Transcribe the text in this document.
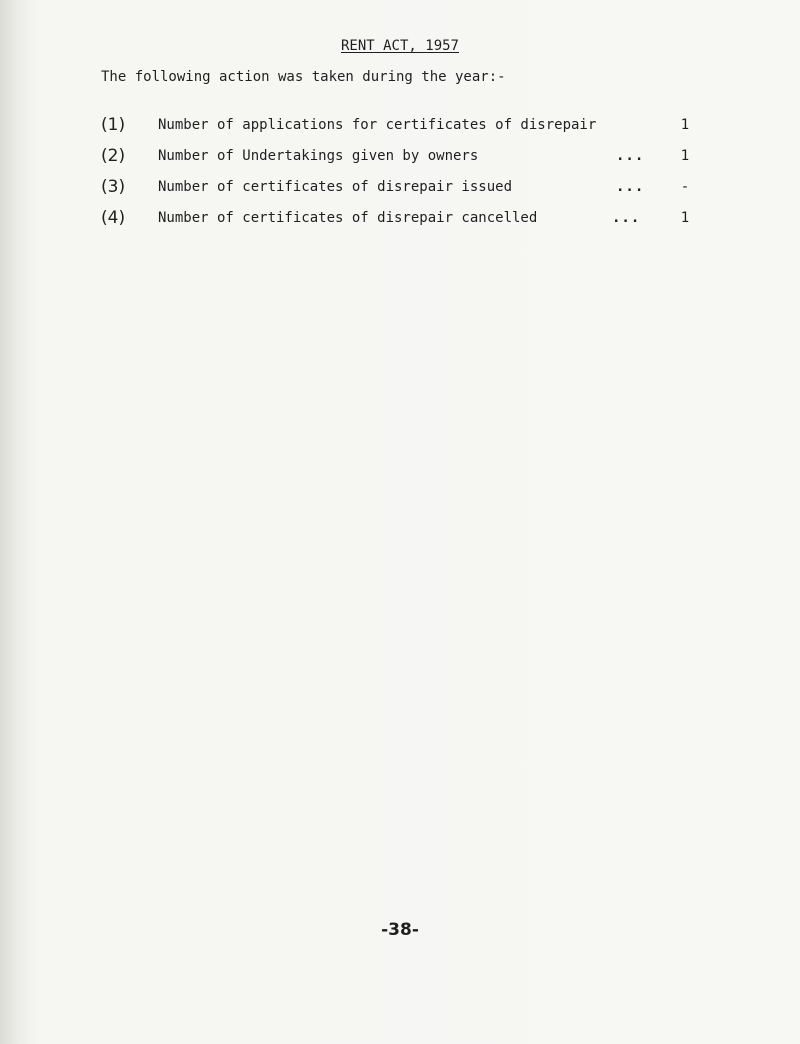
RENT ACT, 1957
The following action was taken during the year:-
(1) Number of applications for certificates of disrepair	1
(2) Number of Undertakings given by owners	...	1
(3) Number of certificates of disrepair issued	...	-
(4) Number of certificates of disrepair cancelled	...	1
-38-
